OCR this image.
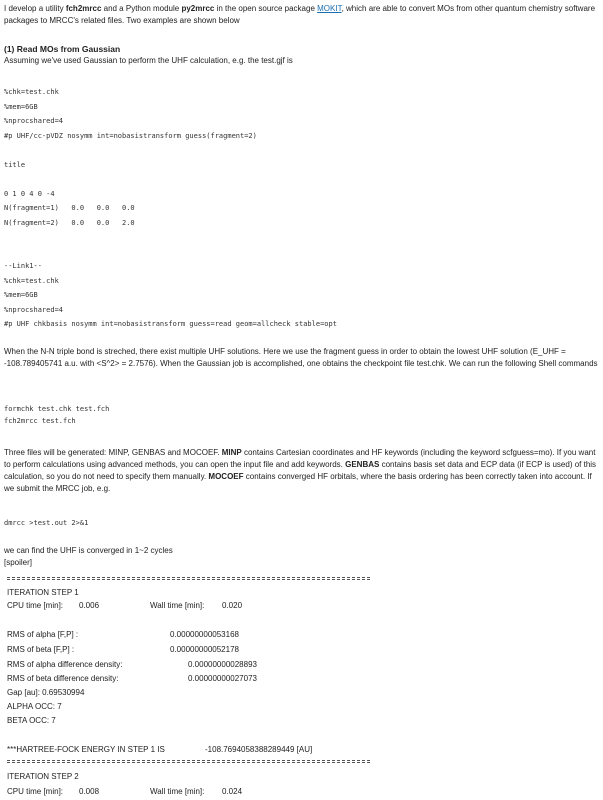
I develop a utility fch2mrcc and a Python module py2mrcc in the open source package MOKIT, which are able to convert MOs from other quantum chemistry software packages to MRCC's related files. Two examples are shown below

(1) Read MOs from Gaussian

Assuming we've used Gaussian to perform the UHF calculation, e.g. the test.gjf is

%chk=test.chk

%mem=6GB

%nprocshared=4

#p UHF/cc-pVDZ nosymm int=nobasistransform guess(fragment=2)

title

0 1 0 4 0 -4

N(fragment=1)   0.0   0.0   0.0

N(fragment=2)   0.0   0.0   2.0

--Link1--

%chk=test.chk

%mem=6GB

%nprocshared=4

#p UHF chkbasis nosymm int=nobasistransform guess=read geom=allcheck stable=opt

When the N-N triple bond is streched, there exist multiple UHF solutions. Here we use the fragment guess in order to obtain the lowest UHF solution (E_UHF = -108.789405741 a.u. with <S^2> = 2.7576). When the Gaussian job is accomplished, one obtains the checkpoint file test.chk. We can run the following Shell commands

formchk test.chk test.fch

fch2mrcc test.fch

Three files will be generated: MINP, GENBAS and MOCOEF. MINP contains Cartesian coordinates and HF keywords (including the keyword scfguess=mo). If you want to perform calculations using advanced methods, you can open the input file and add keywords. GENBAS contains basis set data and ECP data (if ECP is used) of this calculation, so you do not need to specify them manually. MOCOEF contains converged HF orbitals, where the basis ordering has been correctly taken into account. If we submit the MRCC job, e.g.

dmrcc >test.out 2>&1

we can find the UHF is converged in 1~2 cycles

[spoiler]

ITERATION STEP 1
CPU time [min]: 0.006	Wall time [min]: 0.020
RMS of alpha [F,P] :	0.00000000053168
RMS of beta [F,P] :	0.00000000052178
RMS of alpha difference density:	0.00000000028893
RMS of beta difference density:	0.00000000027073
Gap [au]: 0.69530994
ALPHA OCC: 7
BETA OCC: 7
***HARTREE-FOCK ENERGY IN STEP 1 IS	-108.7694058388289449 [AU]
ITERATION STEP 2
CPU time [min]: 0.008	Wall time [min]: 0.024
